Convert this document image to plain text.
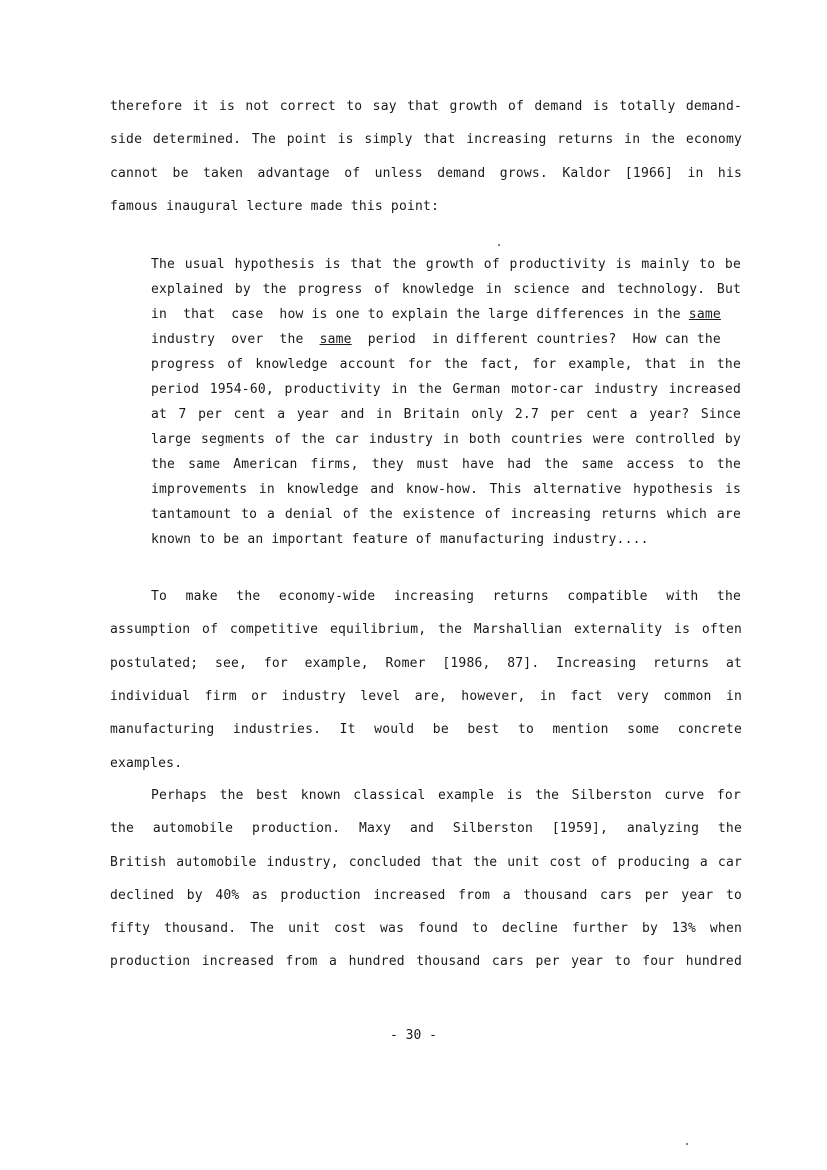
therefore it is not correct to say that growth of demand is totally demand-
side determined. The point is simply that increasing returns in the economy
cannot be taken advantage of unless demand grows. Kaldor [1966] in his
famous inaugural lecture made this point:
The usual hypothesis is that the growth of productivity is mainly to be
explained by the progress of knowledge in science and technology. But
in  that  case  how is one to explain the large differences in the same
industry  over  the  same  period  in different countries?  How can the
progress of knowledge account for the fact, for example, that in the
period 1954-60, productivity in the German motor-car industry increased
at 7 per cent a year and in Britain only 2.7 per cent a year? Since
large segments of the car industry in both countries were controlled by
the same American firms, they must have had the same access to the
improvements in knowledge and know-how. This alternative hypothesis is
tantamount to a denial of the existence of increasing returns which are
known to be an important feature of manufacturing industry....
To make the economy-wide increasing returns compatible with the
assumption of competitive equilibrium, the Marshallian externality is often
postulated; see, for example, Romer [1986, 87]. Increasing returns at
individual firm or industry level are, however, in fact very common in
manufacturing industries. It would be best to mention some concrete
examples.
Perhaps the best known classical example is the Silberston curve for
the automobile production. Maxy and Silberston [1959], analyzing the
British automobile industry, concluded that the unit cost of producing a car
declined by 40% as production increased from a thousand cars per year to
fifty thousand. The unit cost was found to decline further by 13% when
production increased from a hundred thousand cars per year to four hundred
- 30 -
